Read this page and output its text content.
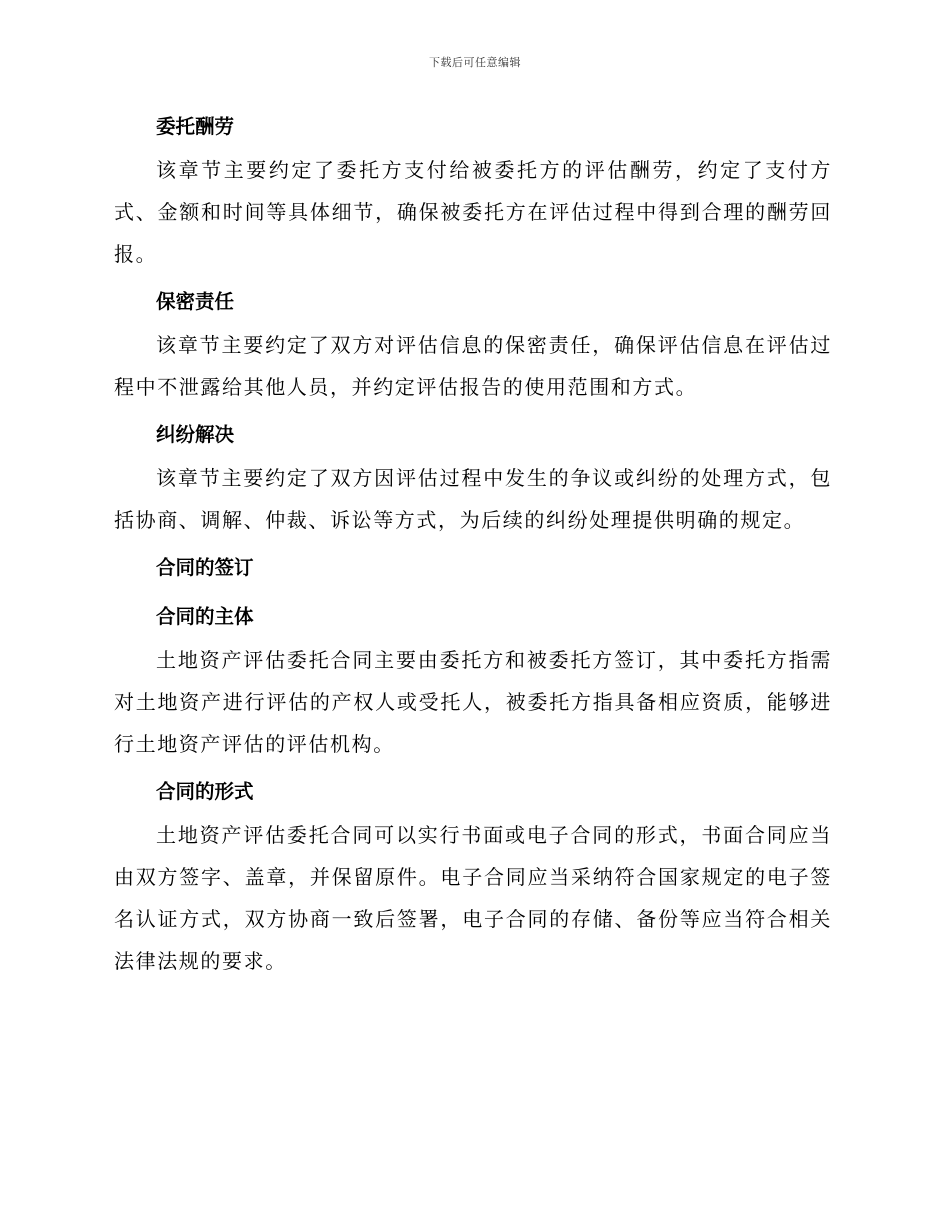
下载后可任意编辑
委托酬劳

该章节主要约定了委托方支付给被委托方的评估酬劳，约定了支付方式、金额和时间等具体细节，确保被委托方在评估过程中得到合理的酬劳回报。

保密责任

该章节主要约定了双方对评估信息的保密责任，确保评估信息在评估过程中不泄露给其他人员，并约定评估报告的使用范围和方式。

纠纷解决

该章节主要约定了双方因评估过程中发生的争议或纠纷的处理方式，包括协商、调解、仲裁、诉讼等方式，为后续的纠纷处理提供明确的规定。

合同的签订
合同的主体

土地资产评估委托合同主要由委托方和被委托方签订，其中委托方指需对土地资产进行评估的产权人或受托人，被委托方指具备相应资质，能够进行土地资产评估的评估机构。

合同的形式

土地资产评估委托合同可以实行书面或电子合同的形式，书面合同应当由双方签字、盖章，并保留原件。电子合同应当采纳符合国家规定的电子签名认证方式，双方协商一致后签署，电子合同的存储、备份等应当符合相关法律法规的要求。
